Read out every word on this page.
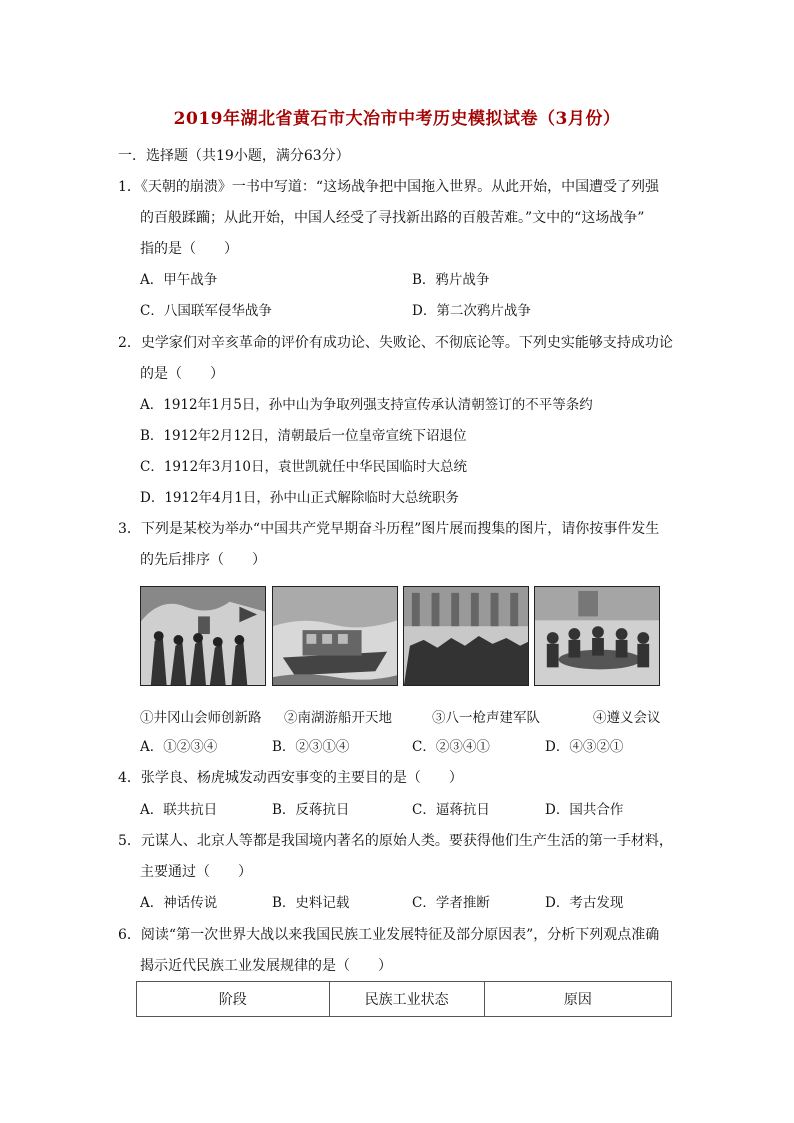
2019年湖北省黄石市大冶市中考历史模拟试卷（3月份）
一．选择题（共19小题，满分63分）
1．《天朝的崩溃》一书中写道：“这场战争把中国拖入世界。从此开始，中国遭受了列强
的百般蹂躏；从此开始，中国人经受了寻找新出路的百般苦难。”文中的“这场战争”
指的是（　　）
A．甲午战争	B．鸦片战争
C．八国联军侵华战争	D．第二次鸦片战争
2．史学家们对辛亥革命的评价有成功论、失败论、不彻底论等。下列史实能够支持成功论
的是（　　）
A．1912年1月5日，孙中山为争取列强支持宣传承认清朝签订的不平等条约
B．1912年2月12日，清朝最后一位皇帝宣统下诏退位
C．1912年3月10日，袁世凯就任中华民国临时大总统
D．1912年4月1日，孙中山正式解除临时大总统职务
3．下列是某校为举办“中国共产党早期奋斗历程”图片展而搜集的图片，请你按事件发生
的先后排序（　　）
①井冈山会师创新路 ②南湖游船开天地	③八一枪声建军队	④遵义会议
A．①②③④	B．②③①④	C．②③④①	D．④③②①
4．张学良、杨虎城发动西安事变的主要目的是（　　）
A．联共抗日	B．反蒋抗日	C．逼蒋抗日	D．国共合作
5．元谋人、北京人等都是我国境内著名的原始人类。要获得他们生产生活的第一手材料，
主要通过（　　）
A．神话传说	B．史料记载	C．学者推断	D．考古发现
6．阅读“第一次世界大战以来我国民族工业发展特征及部分原因表”，分析下列观点准确
揭示近代民族工业发展规律的是（　　）
阶段	民族工业状态	原因
